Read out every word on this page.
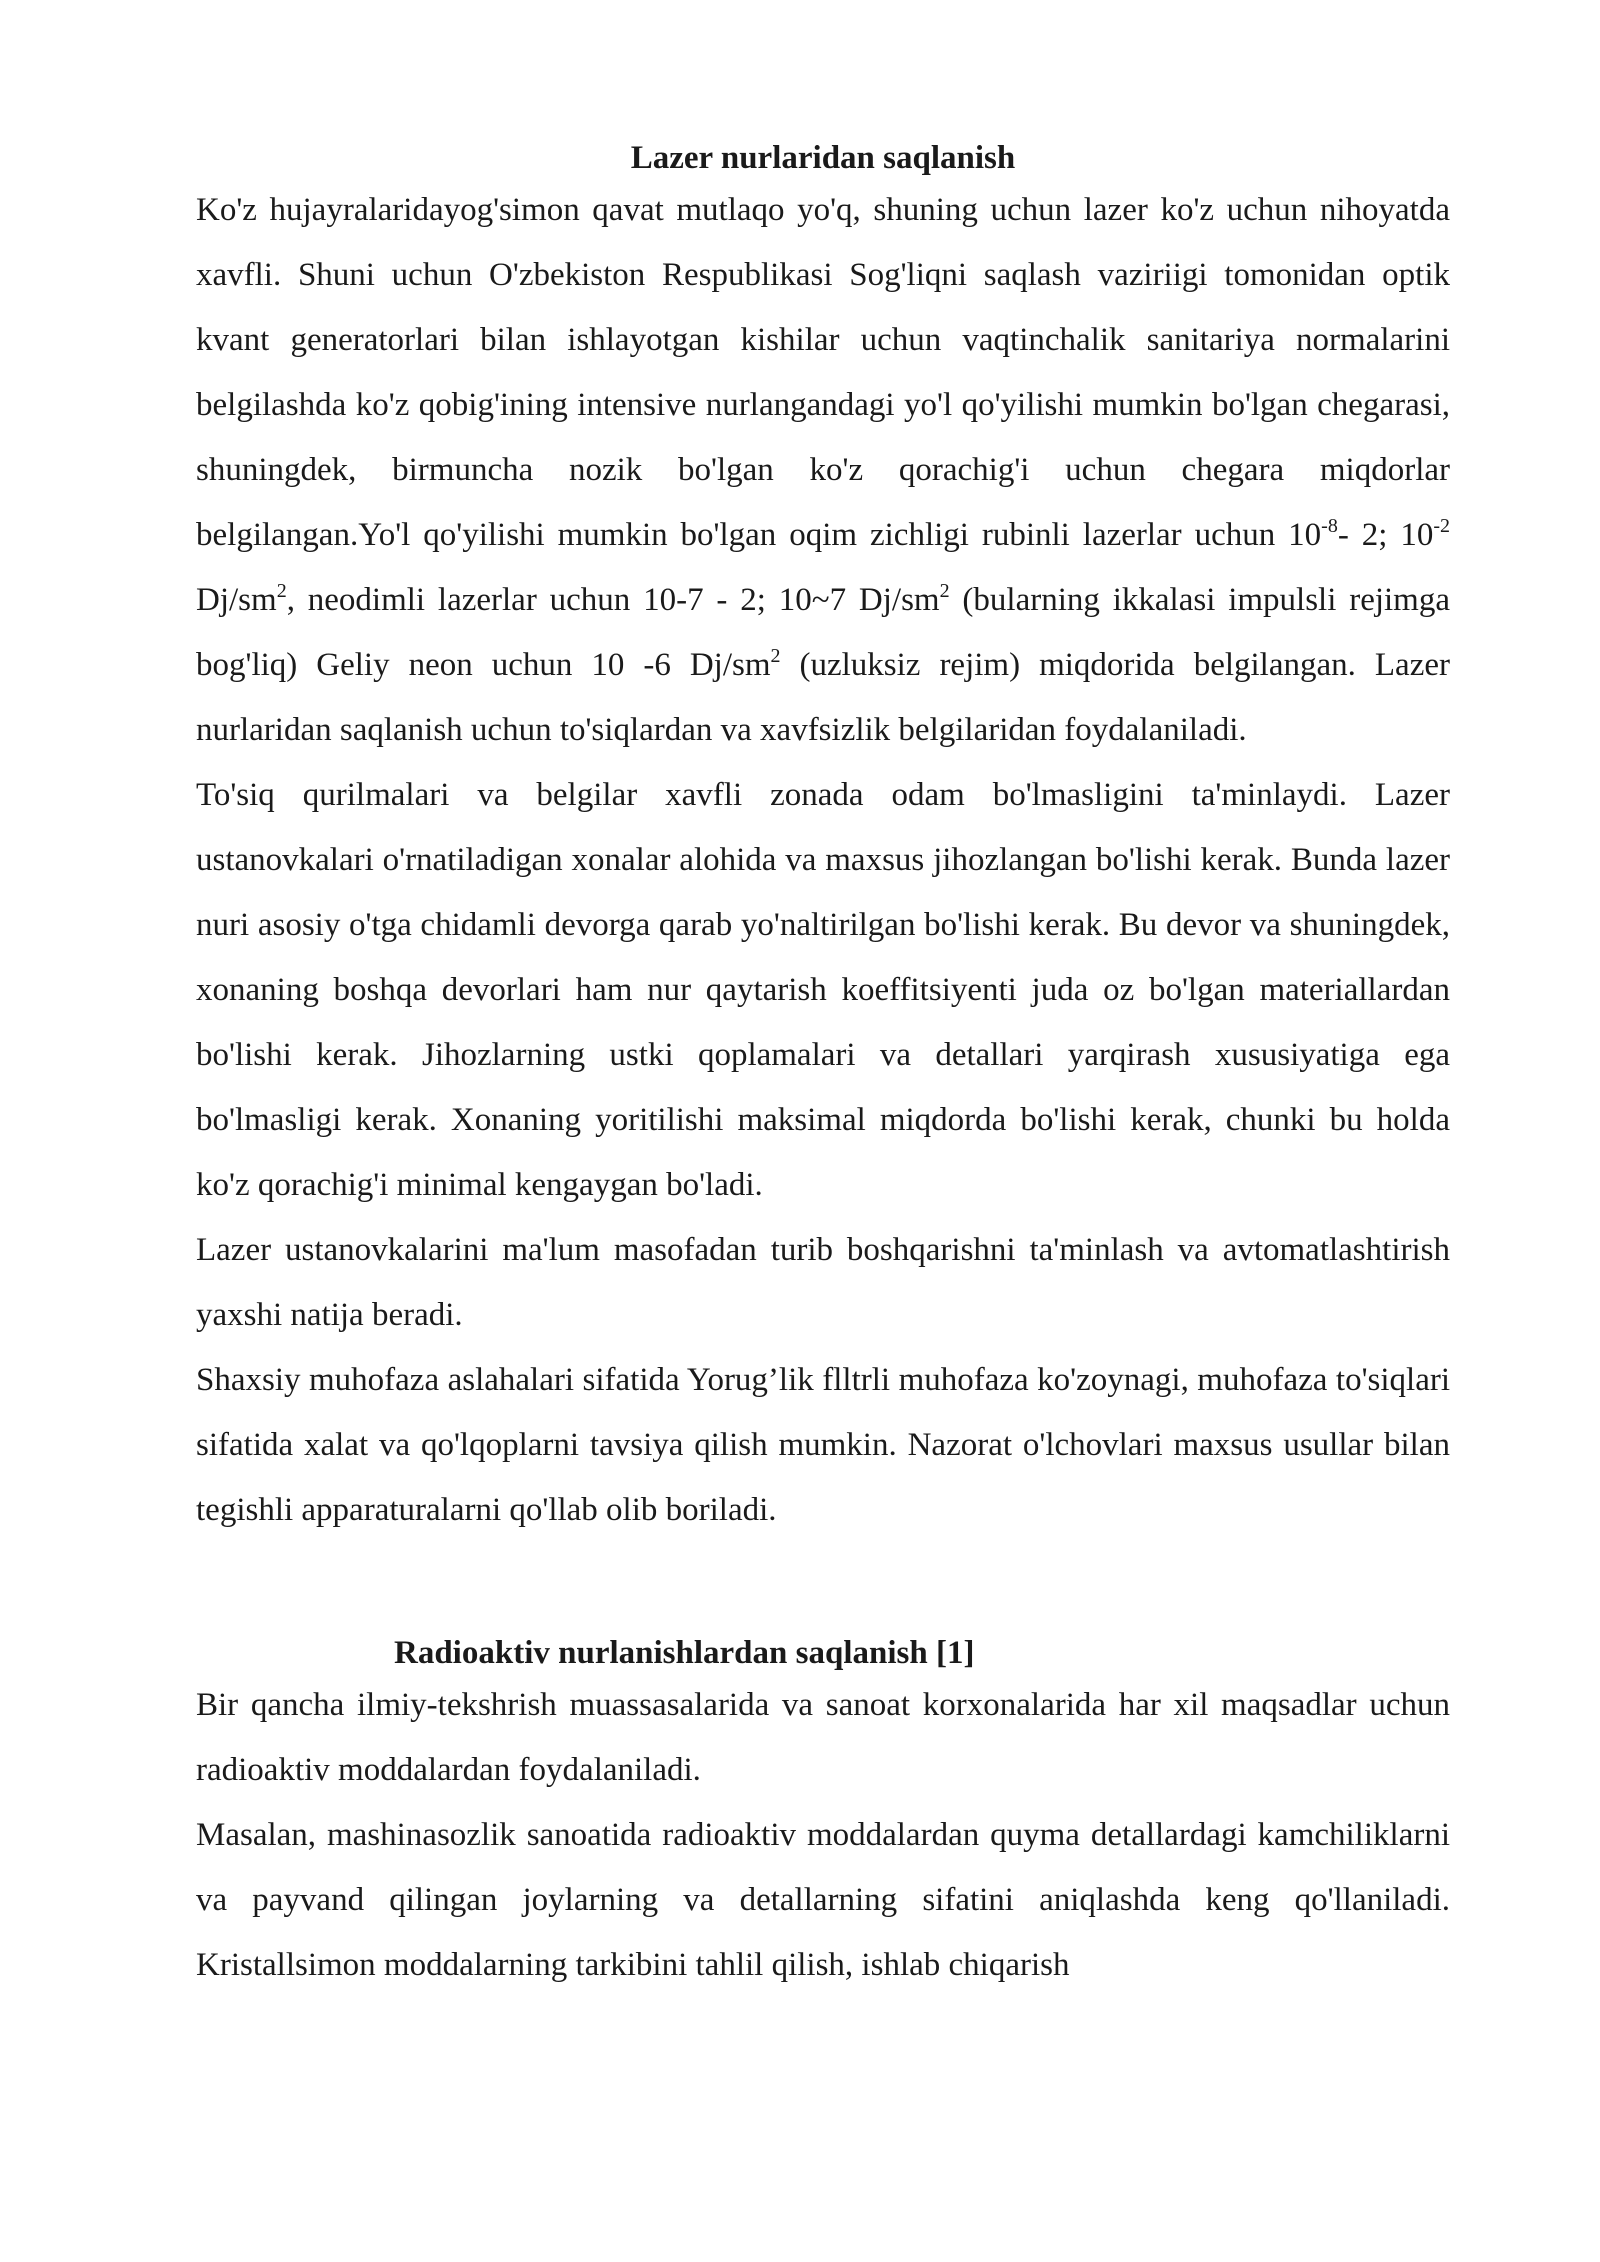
Lazer nurlaridan saqlanish

Ko'z hujayralaridayog'simon qavat mutlaqo yo'q, shuning uchun lazer ko'z uchun nihoyatda xavfli. Shuni uchun O'zbekiston Respublikasi Sog'liqni saqlash vaziriigi tomonidan optik kvant generatorlari bilan ishlayotgan kishilar uchun vaqtinchalik sanitariya normalarini belgilashda ko'z qobig'ining intensive nurlangandagi yo'l qo'yilishi mumkin bo'lgan chegarasi, shuningdek, birmuncha nozik bo'lgan ko'z qorachig'i uchun chegara miqdorlar belgilangan.Yo'l qo'yilishi mumkin bo'lgan oqim zichligi rubinli lazerlar uchun $10^{-8}-$ 2; $10^{-2}$ $Dj/sm^2$, neodimli lazerlar uchun 10-7 - 2; 10~7 $Dj/sm^2$ (bularning ikkalasi impulsli rejimga bog'liq) Geliy neon uchun 10 -6 $Dj/sm^2$ (uzluksiz rejim) miqdorida belgilangan. Lazer nurlaridan saqlanish uchun to'siqlardan va xavfsizlik belgilaridan foydalaniladi.

To'siq qurilmalari va belgilar xavfli zonada odam bo'lmasligini ta'minlaydi. Lazer ustanovkalari o'rnatiladigan xonalar alohida va maxsus jihozlangan bo'lishi kerak. Bunda lazer nuri asosiy o'tga chidamli devorga qarab yo'naltirilgan bo'lishi kerak. Bu devor va shuningdek, xonaning boshqa devorlari ham nur qaytarish koeffitsiyenti juda oz bo'lgan materiallardan bo'lishi kerak. Jihozlarning ustki qoplamalari va detallari yarqirash xususiyatiga ega bo'lmasligi kerak. Xonaning yoritilishi maksimal miqdorda bo'lishi kerak, chunki bu holda ko'z qorachig'i minimal kengaygan bo'ladi.

Lazer ustanovkalarini ma'lum masofadan turib boshqarishni ta'minlash va avtomatlashtirish yaxshi natija beradi.

Shaxsiy muhofaza aslahalari sifatida Yorug’lik flltrli muhofaza ko'zoynagi, muhofaza to'siqlari sifatida xalat va qo'lqoplarni tavsiya qilish mumkin. Nazorat o'lchovlari maxsus usullar bilan tegishli apparaturalarni qo'llab olib boriladi.

Radioaktiv nurlanishlardan saqlanish [1]

Bir qancha ilmiy-tekshrish muassasalarida va sanoat korxonalarida har xil maqsadlar uchun radioaktiv moddalardan foydalaniladi.

Masalan, mashinasozlik sanoatida radioaktiv moddalardan quyma detallardagi kamchiliklarni va payvand qilingan joylarning va detallarning sifatini aniqlashda keng qo'llaniladi. Kristallsimon moddalarning tarkibini tahlil qilish, ishlab chiqarish
